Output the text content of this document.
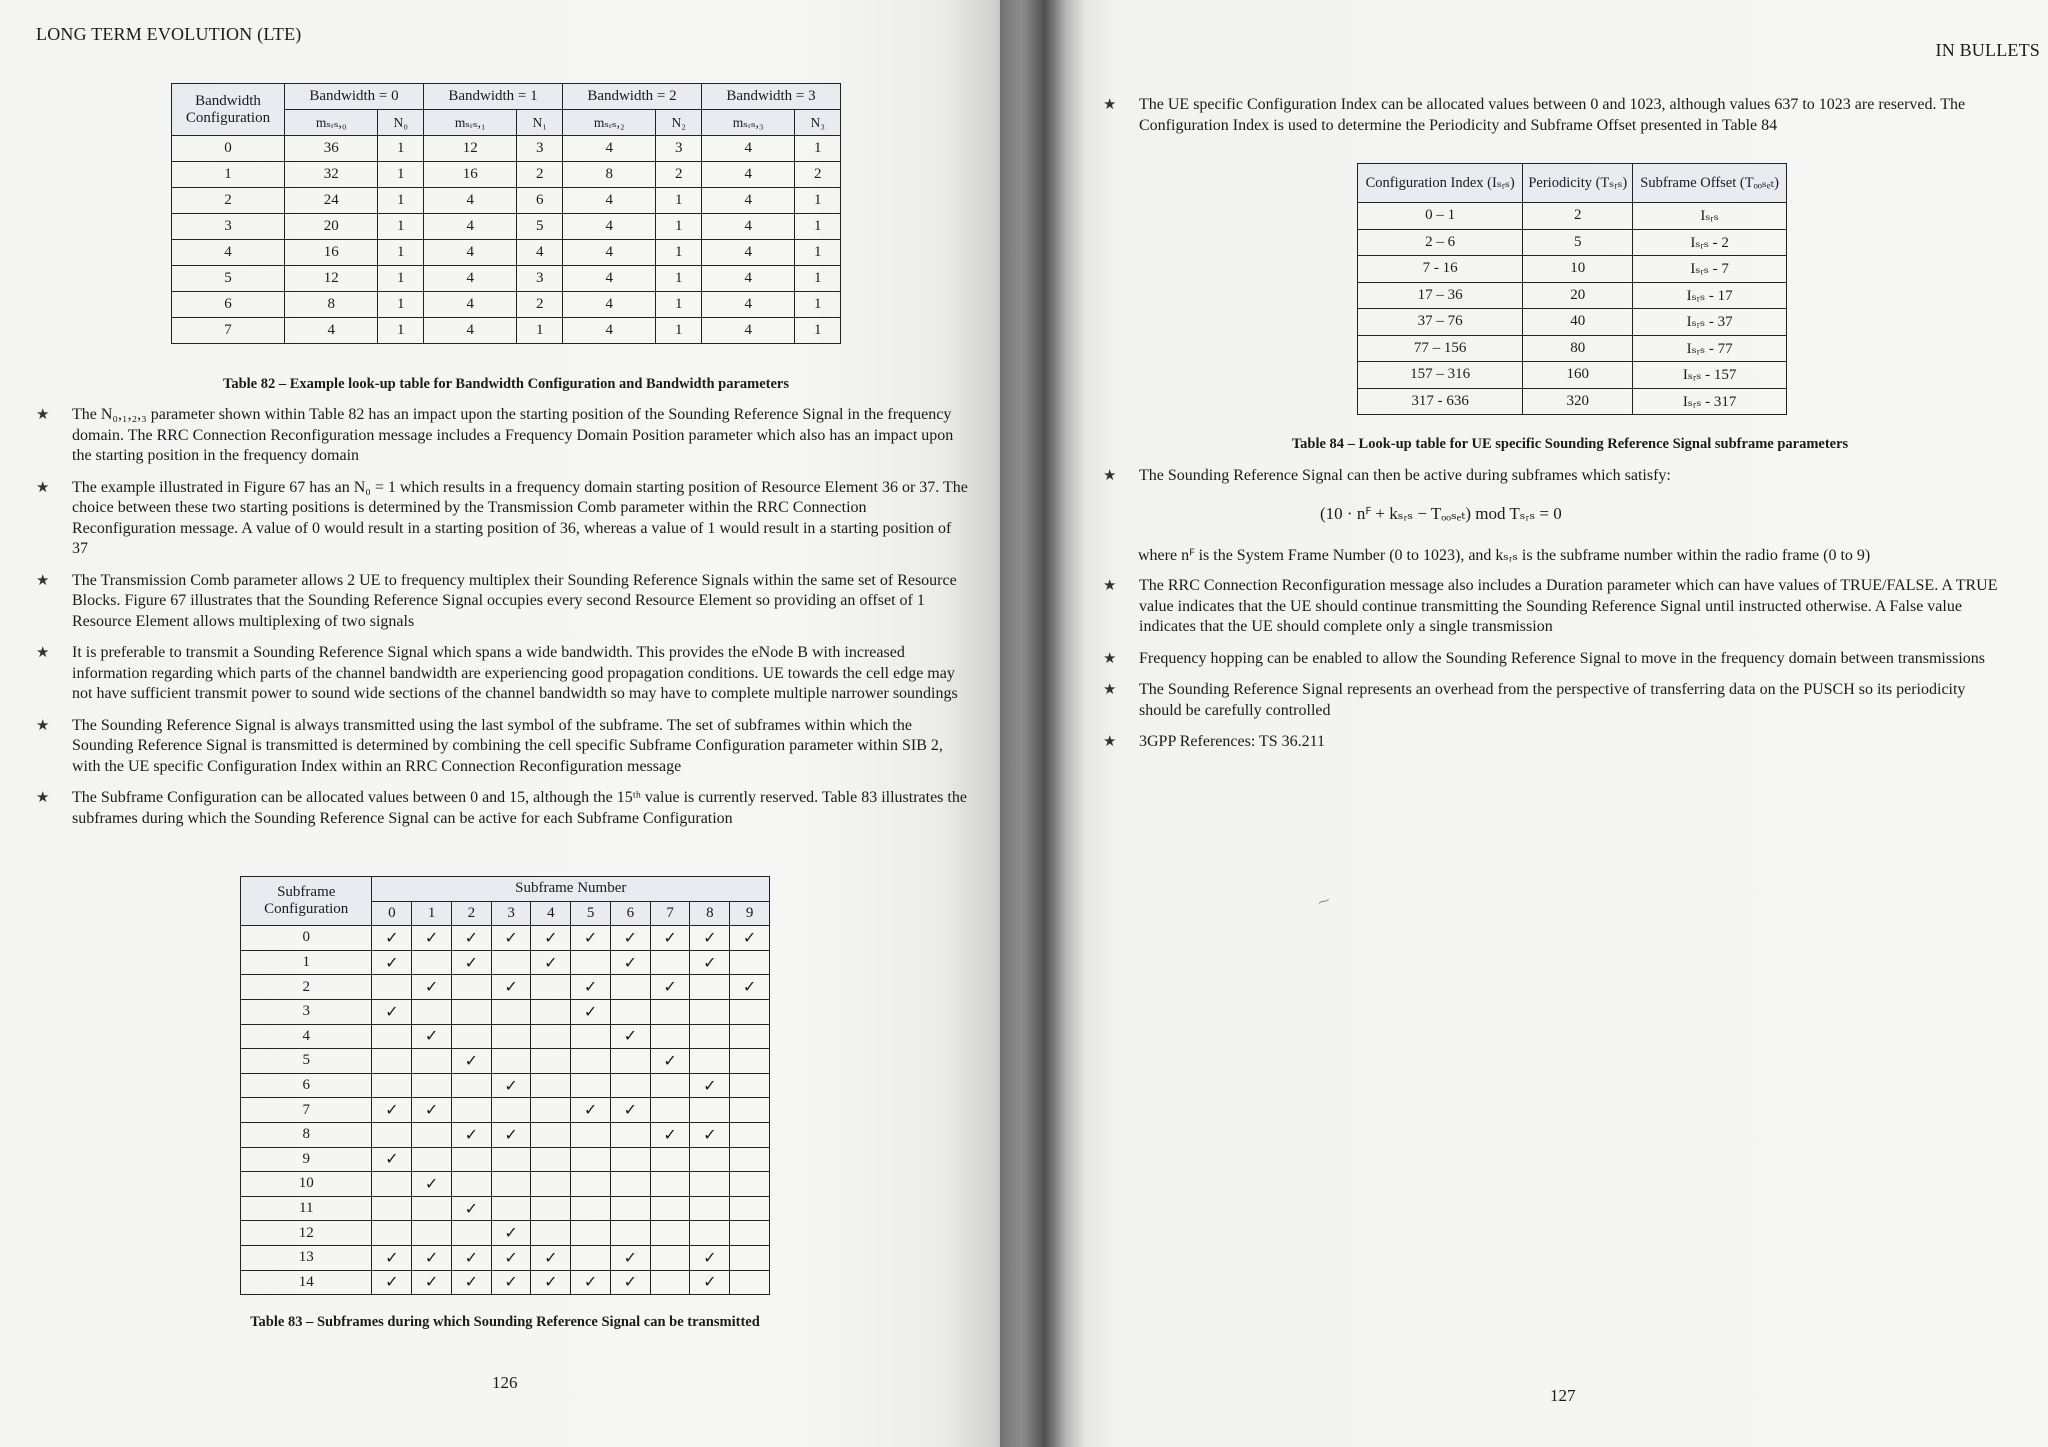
LONG TERM EVOLUTION (LTE)
IN BULLETS
Bandwidth Configuration	Bandwidth = 0		Bandwidth = 1		Bandwidth = 2		Bandwidth = 3	
	mₛᵣₛ,₀	N₀	mₛᵣₛ,₁	N₁	mₛᵣₛ,₂	N₂	mₛᵣₛ,₃	N₃
0	36	1	12	3	4	3	4	1
1	32	1	16	2	8	2	4	2
2	24	1	4	6	4	1	4	1
3	20	1	4	5	4	1	4	1
4	16	1	4	4	4	1	4	1
5	12	1	4	3	4	1	4	1
6	8	1	4	2	4	1	4	1
7	4	1	4	1	4	1	4	1
Table 82 – Example look-up table for Bandwidth Configuration and Bandwidth parameters
★ The N₀,₁,₂,₃ parameter shown within Table 82 has an impact upon the starting position of the Sounding Reference Signal in the frequency domain. The RRC Connection Reconfiguration message includes a Frequency Domain Position parameter which also has an impact upon the starting position in the frequency domain
★ The example illustrated in Figure 67 has an N₀ = 1 which results in a frequency domain starting position of Resource Element 36 or 37. The choice between these two starting positions is determined by the Transmission Comb parameter within the RRC Connection Reconfiguration message. A value of 0 would result in a starting position of 36, whereas a value of 1 would result in a starting position of 37
★ The Transmission Comb parameter allows 2 UE to frequency multiplex their Sounding Reference Signals within the same set of Resource Blocks. Figure 67 illustrates that the Sounding Reference Signal occupies every second Resource Element so providing an offset of 1 Resource Element allows multiplexing of two signals
★ It is preferable to transmit a Sounding Reference Signal which spans a wide bandwidth. This provides the eNode B with increased information regarding which parts of the channel bandwidth are experiencing good propagation conditions. UE towards the cell edge may not have sufficient transmit power to sound wide sections of the channel bandwidth so may have to complete multiple narrower soundings
★ The Sounding Reference Signal is always transmitted using the last symbol of the subframe. The set of subframes within which the Sounding Reference Signal is transmitted is determined by combining the cell specific Subframe Configuration parameter within SIB 2, with the UE specific Configuration Index within an RRC Connection Reconfiguration message
★ The Subframe Configuration can be allocated values between 0 and 15, although the 15ᵗʰ value is currently reserved. Table 83 illustrates the subframes during which the Sounding Reference Signal can be active for each Subframe Configuration
Subframe Configuration	Subframe Number									
	0	1	2	3	4	5	6	7	8	9
0	✓	✓	✓	✓	✓	✓	✓	✓	✓	✓
1	✓		✓		✓		✓		✓	
2		✓		✓		✓		✓		✓
3	✓					✓				
4		✓					✓			
5			✓					✓		
6				✓					✓	
7	✓	✓				✓	✓			
8			✓	✓				✓	✓	
9	✓									
10		✓								
11			✓							
12				✓						
13	✓	✓	✓	✓	✓		✓		✓	
14	✓	✓	✓	✓	✓	✓	✓		✓	
Table 83 – Subframes during which Sounding Reference Signal can be transmitted
126
★ The UE specific Configuration Index can be allocated values between 0 and 1023, although values 637 to 1023 are reserved. The Configuration Index is used to determine the Periodicity and Subframe Offset presented in Table 84
Configuration Index (Iₛᵣₛ)	Periodicity (Tₛᵣₛ)	Subframe Offset (Tₒₒₛₑₜ)
0 – 1	2	Iₛᵣₛ
2 – 6	5	Iₛᵣₛ - 2
7 - 16	10	Iₛᵣₛ - 7
17 – 36	20	Iₛᵣₛ - 17
37 – 76	40	Iₛᵣₛ - 37
77 – 156	80	Iₛᵣₛ - 77
157 – 316	160	Iₛᵣₛ - 157
317 - 636	320	Iₛᵣₛ - 317
Table 84 – Look-up table for UE specific Sounding Reference Signal subframe parameters
★ The Sounding Reference Signal can then be active during subframes which satisfy:
(10 · nꟳ + kₛᵣₛ − Tₒₒₛₑₜ) mod Tₛᵣₛ = 0
where nꟳ is the System Frame Number (0 to 1023), and kₛᵣₛ is the subframe number within the radio frame (0 to 9)
★ The RRC Connection Reconfiguration message also includes a Duration parameter which can have values of TRUE/FALSE. A TRUE value indicates that the UE should continue transmitting the Sounding Reference Signal until instructed otherwise. A False value indicates that the UE should complete only a single transmission
★ Frequency hopping can be enabled to allow the Sounding Reference Signal to move in the frequency domain between transmissions
★ The Sounding Reference Signal represents an overhead from the perspective of transferring data on the PUSCH so its periodicity should be carefully controlled
★ 3GPP References: TS 36.211
⁓
127
